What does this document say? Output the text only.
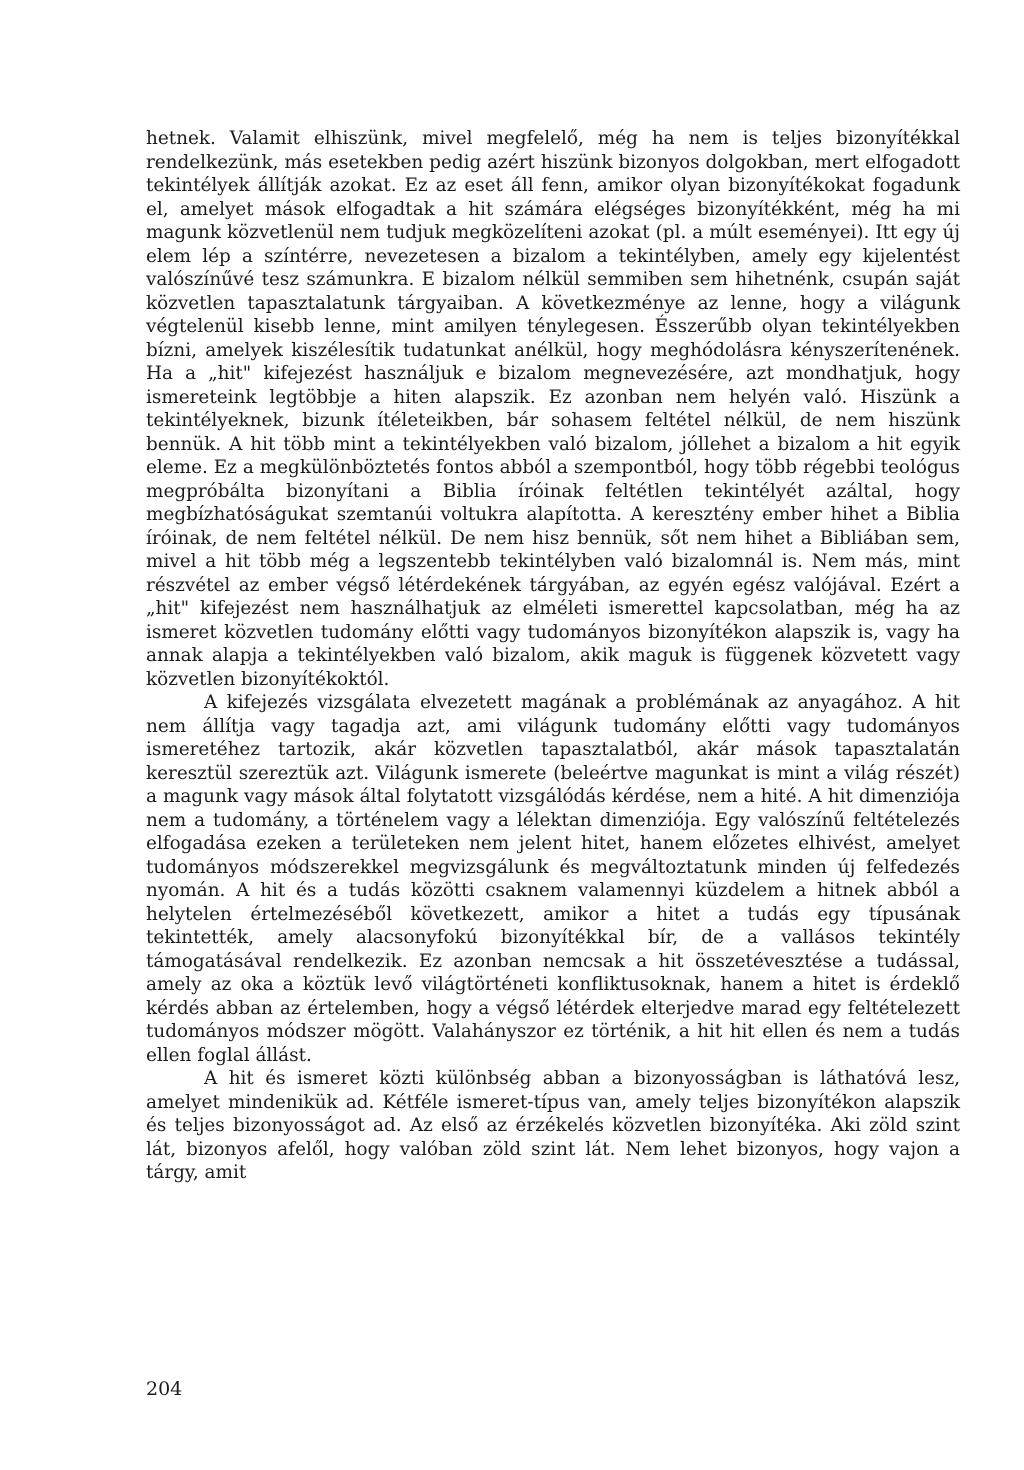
hetnek. Valamit elhiszünk, mivel megfelelő, még ha nem is teljes bizonyítékkal rendelkezünk, más esetekben pedig azért hiszünk bizonyos dolgokban, mert elfogadott tekintélyek állítják azokat. Ez az eset áll fenn, amikor olyan bizonyítékokat fogadunk el, amelyet mások elfogadtak a hit számára elégséges bizonyítékként, még ha mi magunk közvetlenül nem tudjuk megközelíteni azokat (pl. a múlt eseményei). Itt egy új elem lép a színtérre, nevezetesen a bizalom a tekintélyben, amely egy kijelentést valószínűvé tesz számunkra. E bizalom nélkül semmiben sem hihetnénk, csupán saját közvetlen tapasztalatunk tárgyaiban. A következménye az lenne, hogy a világunk végtelenül kisebb lenne, mint amilyen ténylegesen. Ésszerűbb olyan tekintélyekben bízni, amelyek kiszélesítik tudatunkat anélkül, hogy meghódolásra kényszerítenének. Ha a „hit" kifejezést használjuk e bizalom megnevezésére, azt mondhatjuk, hogy ismereteink legtöbbje a hiten alapszik. Ez azonban nem helyén való. Hiszünk a tekintélyeknek, bizunk ítéleteikben, bár sohasem feltétel nélkül, de nem hiszünk bennük. A hit több mint a tekintélyekben való bizalom, jóllehet a bizalom a hit egyik eleme. Ez a megkülönböztetés fontos abból a szempontból, hogy több régebbi teológus megpróbálta bizonyítani a Biblia íróinak feltétlen tekintélyét azáltal, hogy megbízhatóságukat szemtanúi voltukra alapította. A keresztény ember hihet a Biblia íróinak, de nem feltétel nélkül. De nem hisz bennük, sőt nem hihet a Bibliában sem, mivel a hit több még a legszentebb tekintélyben való bizalomnál is. Nem más, mint részvétel az ember végső létérdekének tárgyában, az egyén egész valójával. Ezért a „hit" kifejezést nem használhatjuk az elméleti ismerettel kapcsolatban, még ha az ismeret közvetlen tudomány előtti vagy tudományos bizonyítékon alapszik is, vagy ha annak alapja a tekintélyekben való bizalom, akik maguk is függenek közvetett vagy közvetlen bizonyítékoktól.

A kifejezés vizsgálata elvezetett magának a problémának az anyagához. A hit nem állítja vagy tagadja azt, ami világunk tudomány előtti vagy tudományos ismeretéhez tartozik, akár közvetlen tapasztalatból, akár mások tapasztalatán keresztül szereztük azt. Világunk ismerete (beleértve magunkat is mint a világ részét) a magunk vagy mások által folytatott vizsgálódás kérdése, nem a hité. A hit dimenziója nem a tudomány, a történelem vagy a lélektan dimenziója. Egy valószínű feltételezés elfogadása ezeken a területeken nem jelent hitet, hanem előzetes elhivést, amelyet tudományos módszerekkel megvizsgálunk és megváltoztatunk minden új felfedezés nyomán. A hit és a tudás közötti csaknem valamennyi küzdelem a hitnek abból a helytelen értelmezéséből következett, amikor a hitet a tudás egy típusának tekintették, amely alacsonyfokú bizonyítékkal bír, de a vallásos tekintély támogatásával rendelkezik. Ez azonban nemcsak a hit összetévesztése a tudással, amely az oka a köztük levő világtörténeti konfliktusoknak, hanem a hitet is érdeklő kérdés abban az értelemben, hogy a végső létérdek elterjedve marad egy feltételezett tudományos módszer mögött. Valahányszor ez történik, a hit hit ellen és nem a tudás ellen foglal állást.

A hit és ismeret közti különbség abban a bizonyosságban is láthatóvá lesz, amelyet mindenikük ad. Kétféle ismeret-típus van, amely teljes bizonyítékon alapszik és teljes bizonyosságot ad. Az első az érzékelés közvetlen bizonyítéka. Aki zöld szint lát, bizonyos afelől, hogy valóban zöld szint lát. Nem lehet bizonyos, hogy vajon a tárgy, amit

204
